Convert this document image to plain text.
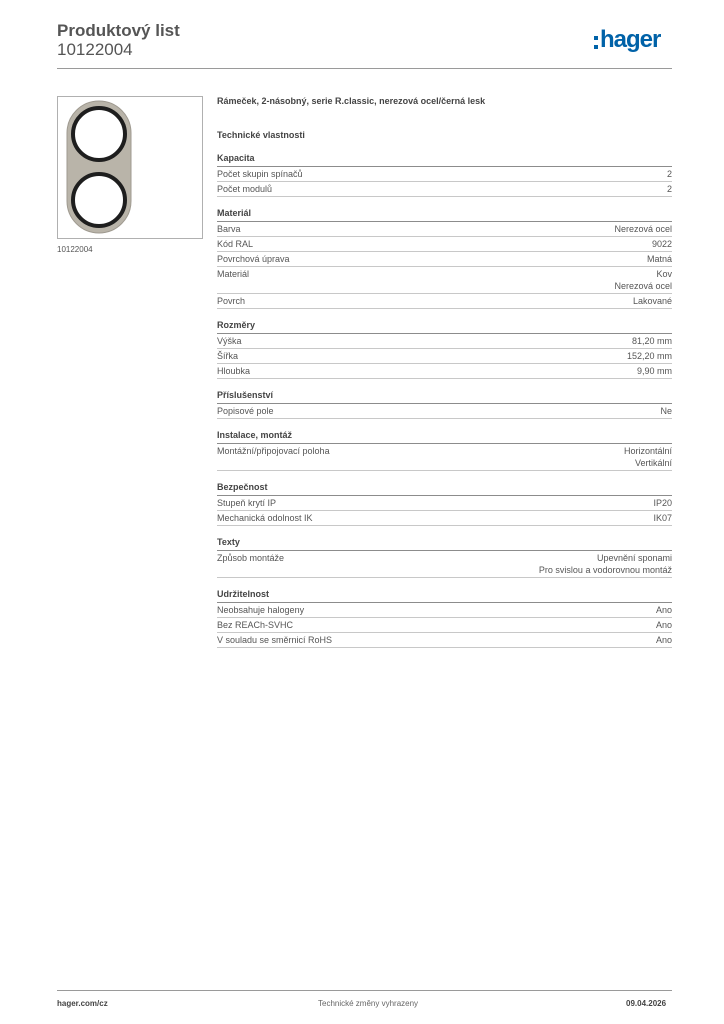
Produktový list
10122004	hager
10122004
Rámeček, 2-násobný, serie R.classic, nerezová ocel/černá lesk
Technické vlastnosti
Kapacita
Počet skupin spínačů	2
Počet modulů	2
Materiál
Barva	Nerezová ocel
Kód RAL	9022
Povrchová úprava	Matná
Materiál	Kov
Nerezová ocel
Povrch	Lakované
Rozměry
Výška	81,20 mm
Šířka	152,20 mm
Hloubka	9,90 mm
Příslušenství
Popisové pole	Ne
Instalace, montáž
Montážní/připojovací poloha	Horizontální
Vertikální
Bezpečnost
Stupeň krytí IP	IP20
Mechanická odolnost IK	IK07
Texty
Způsob montáže	Upevnění sponami
Pro svislou a vodorovnou montáž
Udržitelnost
Neobsahuje halogeny	Ano
Bez REACh-SVHC	Ano
V souladu se směrnicí RoHS	Ano
hager.com/cz	Technické změny vyhrazeny	09.04.2026
